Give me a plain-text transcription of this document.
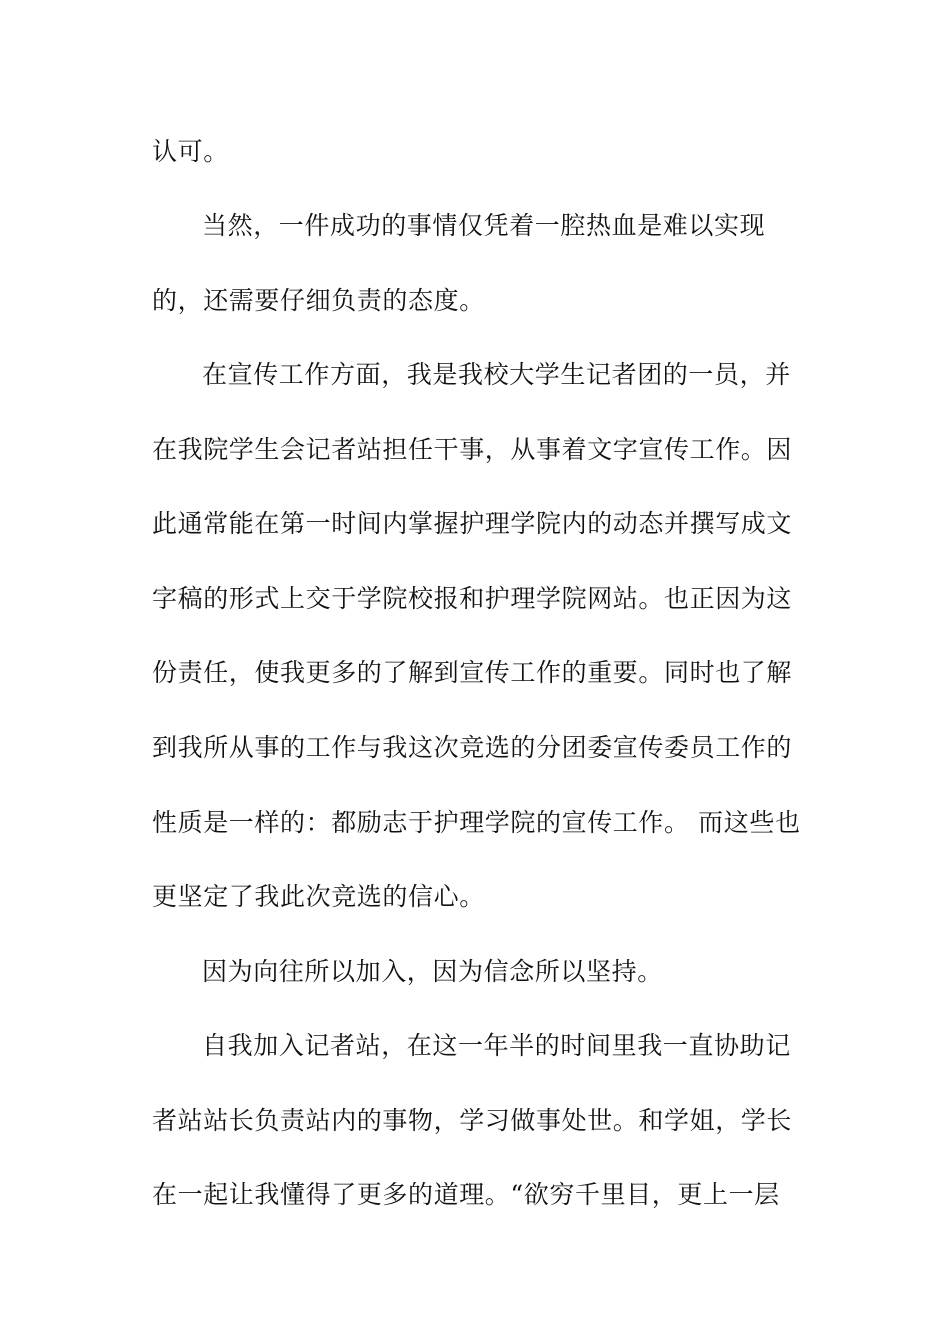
认可。

当然，一件成功的事情仅凭着一腔热血是难以实现

的，还需要仔细负责的态度。

在宣传工作方面，我是我校大学生记者团的一员，并

在我院学生会记者站担任干事，从事着文字宣传工作。因

此通常能在第一时间内掌握护理学院内的动态并撰写成文

字稿的形式上交于学院校报和护理学院网站。也正因为这

份责任，使我更多的了解到宣传工作的重要。同时也了解

到我所从事的工作与我这次竞选的分团委宣传委员工作的

性质是一样的：都励志于护理学院的宣传工作。 而这些也

更坚定了我此次竞选的信心。

因为向往所以加入，因为信念所以坚持。

自我加入记者站，在这一年半的时间里我一直协助记

者站站长负责站内的事物，学习做事处世。和学姐，学长

在一起让我懂得了更多的道理。“欲穷千里目，更上一层
